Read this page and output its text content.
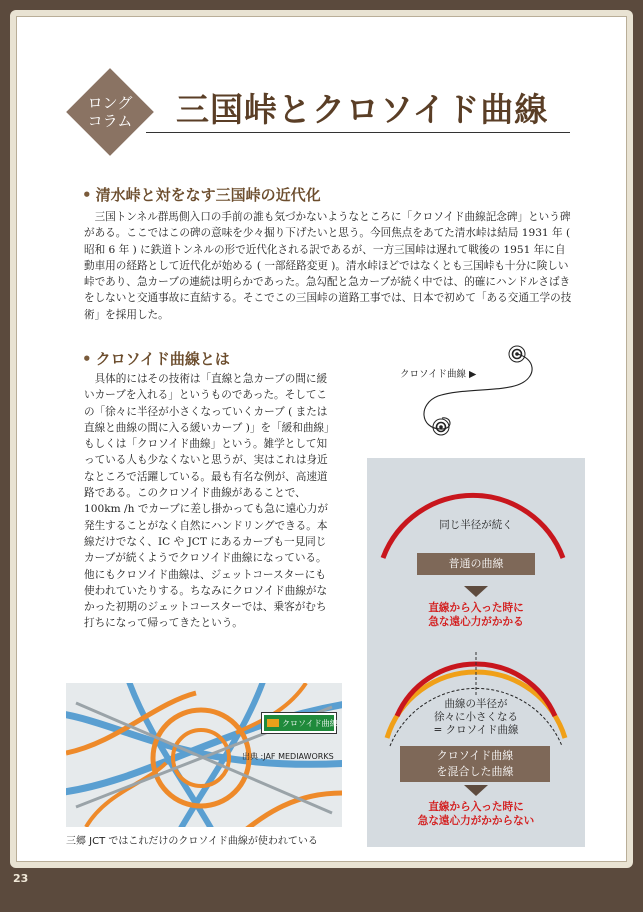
ロング
コラム 三国峠とクロソイド曲線
• 清水峠と対をなす三国峠の近代化

三国トンネル群馬側入口の手前の誰も気づかないようなところに「クロソイド曲線記念碑」という碑がある。ここではこの碑の意味を少々掘り下げたいと思う。今回焦点をあてた清水峠は結局 1931 年 ( 昭和 6 年 ) に鉄道トンネルの形で近代化される訳であるが、一方三国峠は遅れて戦後の 1951 年に自動車用の経路として近代化が始める ( 一部経路変更 )。清水峠ほどではなくとも三国峠も十分に険しい峠であり、急カーブの連続は明らかであった。急勾配と急カーブが続く中では、的確にハンドルさばきをしないと交通事故に直結する。そこでこの三国峠の道路工事では、日本で初めて「ある交通工学の技術」を採用した。

• クロソイド曲線とは

具体的にはその技術は「直線と急カーブの間に緩いカーブを入れる」というものであった。そしてこの「徐々に半径が小さくなっていくカーブ ( または直線と曲線の間に入る緩いカーブ )」を「緩和曲線」もしくは「クロソイド曲線」という。雑学として知っている人も少なくないと思うが、実はこれは身近なところで活躍している。最も有名な例が、高速道路である。このクロソイド曲線があることで、100km /h でカーブに差し掛かっても急に遠心力が発生することがなく自然にハンドリングできる。本線だけでなく、IC や JCT にあるカーブも一見同じカーブが続くようでクロソイド曲線になっている。他にもクロソイド曲線は、ジェットコースターにも使われていたりする。ちなみにクロソイド曲線がなかった初期のジェットコースターでは、乗客がむち打ちになって帰ってきたという。

クロソイド曲線 ▶
同じ半径が続く
普通の曲線
直線から入った時に
急な遠心力がかかる
曲線の半径が
徐々に小さくなる
= クロソイド曲線
クロソイド曲線
を混合した曲線
直線から入った時に
急な遠心力がかからない
クロソイド曲線
出典 :JAF MEDIAWORKS
三郷 JCT ではこれだけのクロソイド曲線が使われている
23
